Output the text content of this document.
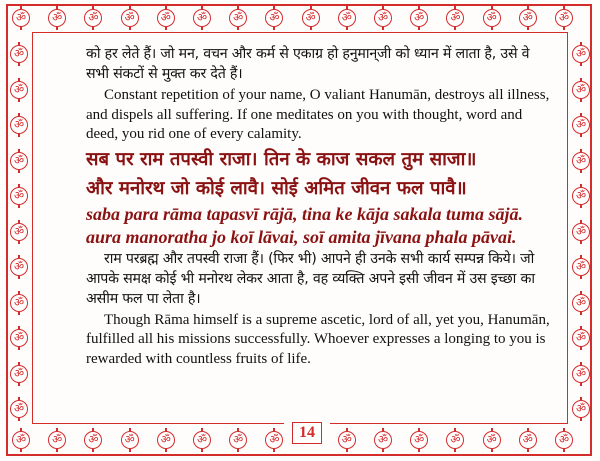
ॐ	ॐ	ॐ	ॐ	ॐ	ॐ	ॐ	ॐ	ॐ	ॐ	ॐ	ॐ	ॐ	ॐ	ॐ	ॐ
ॐ	ॐ	ॐ	ॐ	ॐ	ॐ	ॐ	ॐ	ॐ	ॐ	ॐ	ॐ	ॐ	ॐ	ॐ
ॐ	ॐ
ॐ	ॐ
ॐ	ॐ
ॐ	ॐ
ॐ	ॐ
ॐ	ॐ
ॐ	ॐ
ॐ	ॐ
ॐ	ॐ
ॐ	ॐ
ॐ	ॐ

को हर लेते हैं। जो मन, वचन और कर्म से एकाग्र हो हनुमान्‌जी को ध्यान में लाता है, उसे वे सभी संकटों से मुक्त कर देते हैं।

Constant repetition of your name, O valiant Hanumān, destroys all illness, and dispels all suffering. If one meditates on you with thought, word and deed, you rid one of every calamity.

सब पर राम तपस्वी राजा। तिन के काज सकल तुम साजा॥

और मनोरथ जो कोई लावै। सोई अमित जीवन फल पावै॥

saba para rāma tapasvī rājā, tina ke kāja sakala tuma sājā.

aura manoratha jo koī lāvai, soī amita jīvana phala pāvai.

राम परब्रह्म और तपस्वी राजा हैं। (फिर भी) आपने ही उनके सभी कार्य सम्पन्न किये। जो आपके समक्ष कोई भी मनोरथ लेकर आता है, वह व्यक्ति अपने इसी जीवन में उस इच्छा का असीम फल पा लेता है।

Though Rāma himself is a supreme ascetic, lord of all, yet you, Hanumān, fulfilled all his missions successfully. Whoever expresses a longing to you is rewarded with countless fruits of life.

14
